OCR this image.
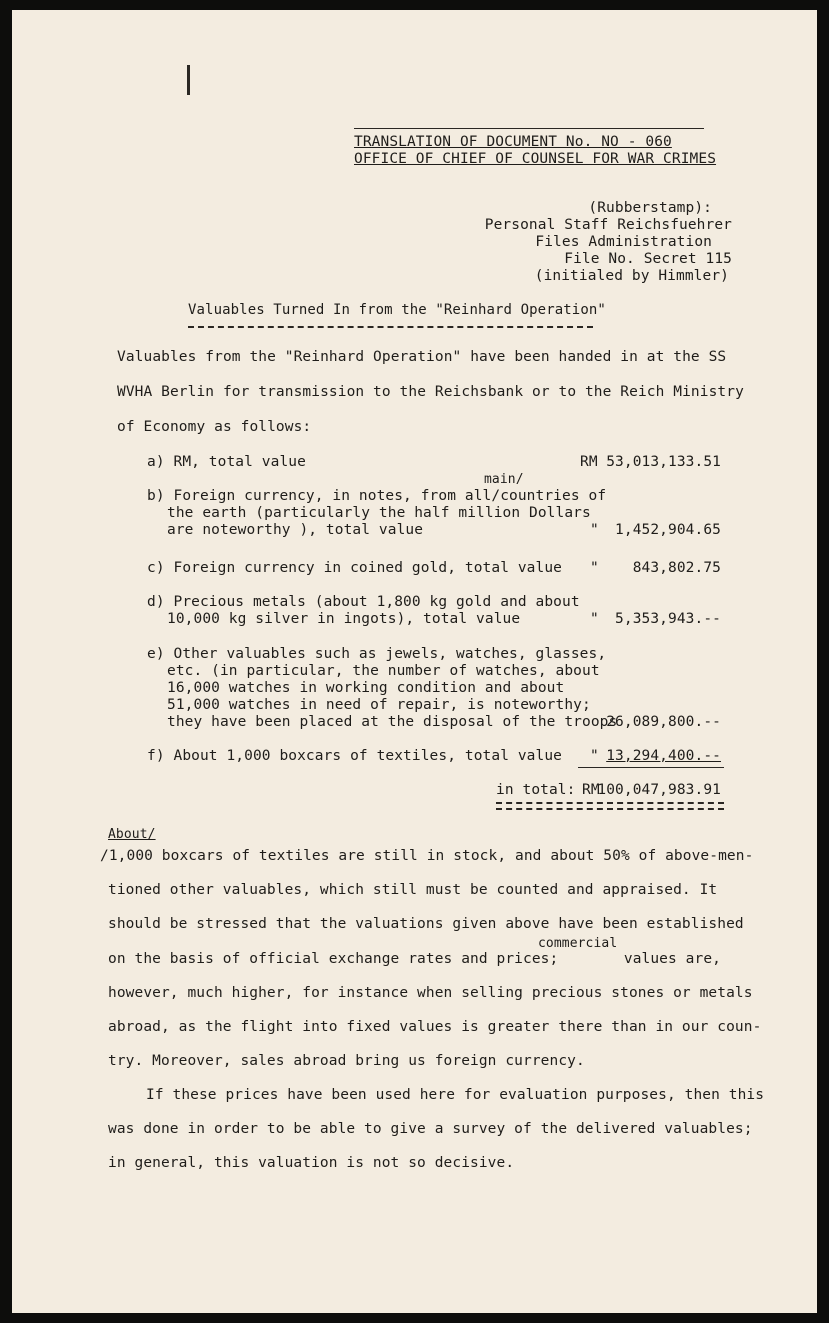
TRANSLATION OF DOCUMENT No. NO - 060
OFFICE OF CHIEF OF COUNSEL FOR WAR CRIMES
(Rubberstamp):
Personal Staff Reichsfuehrer
Files Administration
File No. Secret 115
(initialed by Himmler)
Valuables Turned In from the "Reinhard Operation"
Valuables from the "Reinhard Operation" have been handed in at the SS
WVHA Berlin for transmission to the Reichsbank or to the Reich Ministry
of Economy as follows:
a) RM, total value	RM 53,013,133.51
main/
b) Foreign currency, in notes, from all/countries of
the earth (particularly the half million Dollars
are noteworthy ), total value	" 1,452,904.65
c) Foreign currency in coined gold, total value " 843,802.75
d) Precious metals (about 1,800 kg gold and about
10,000 kg silver in ingots), total value	" 5,353,943.--
e) Other valuables such as jewels, watches, glasses,
etc. (in particular, the number of watches, about
16,000 watches in working condition and about
51,000 watches in need of repair, is noteworthy;
they have been placed at the disposal of the troops
26,089,800.--
f) About 1,000 boxcars of textiles, total value " 13,294,400.--
in total: RM
100,047,983.91
About/
/1,000 boxcars of textiles are still in stock, and about 50% of above-men-
tioned other valuables, which still must be counted and appraised. It
should be stressed that the valuations given above have been established
commercial
on the basis of official exchange rates and prices;	values are,
however, much higher, for instance when selling precious stones or metals
abroad, as the flight into fixed values is greater there than in our coun-
try. Moreover, sales abroad bring us foreign currency.
If these prices have been used here for evaluation purposes, then this
was done in order to be able to give a survey of the delivered valuables;
in general, this valuation is not so decisive.
